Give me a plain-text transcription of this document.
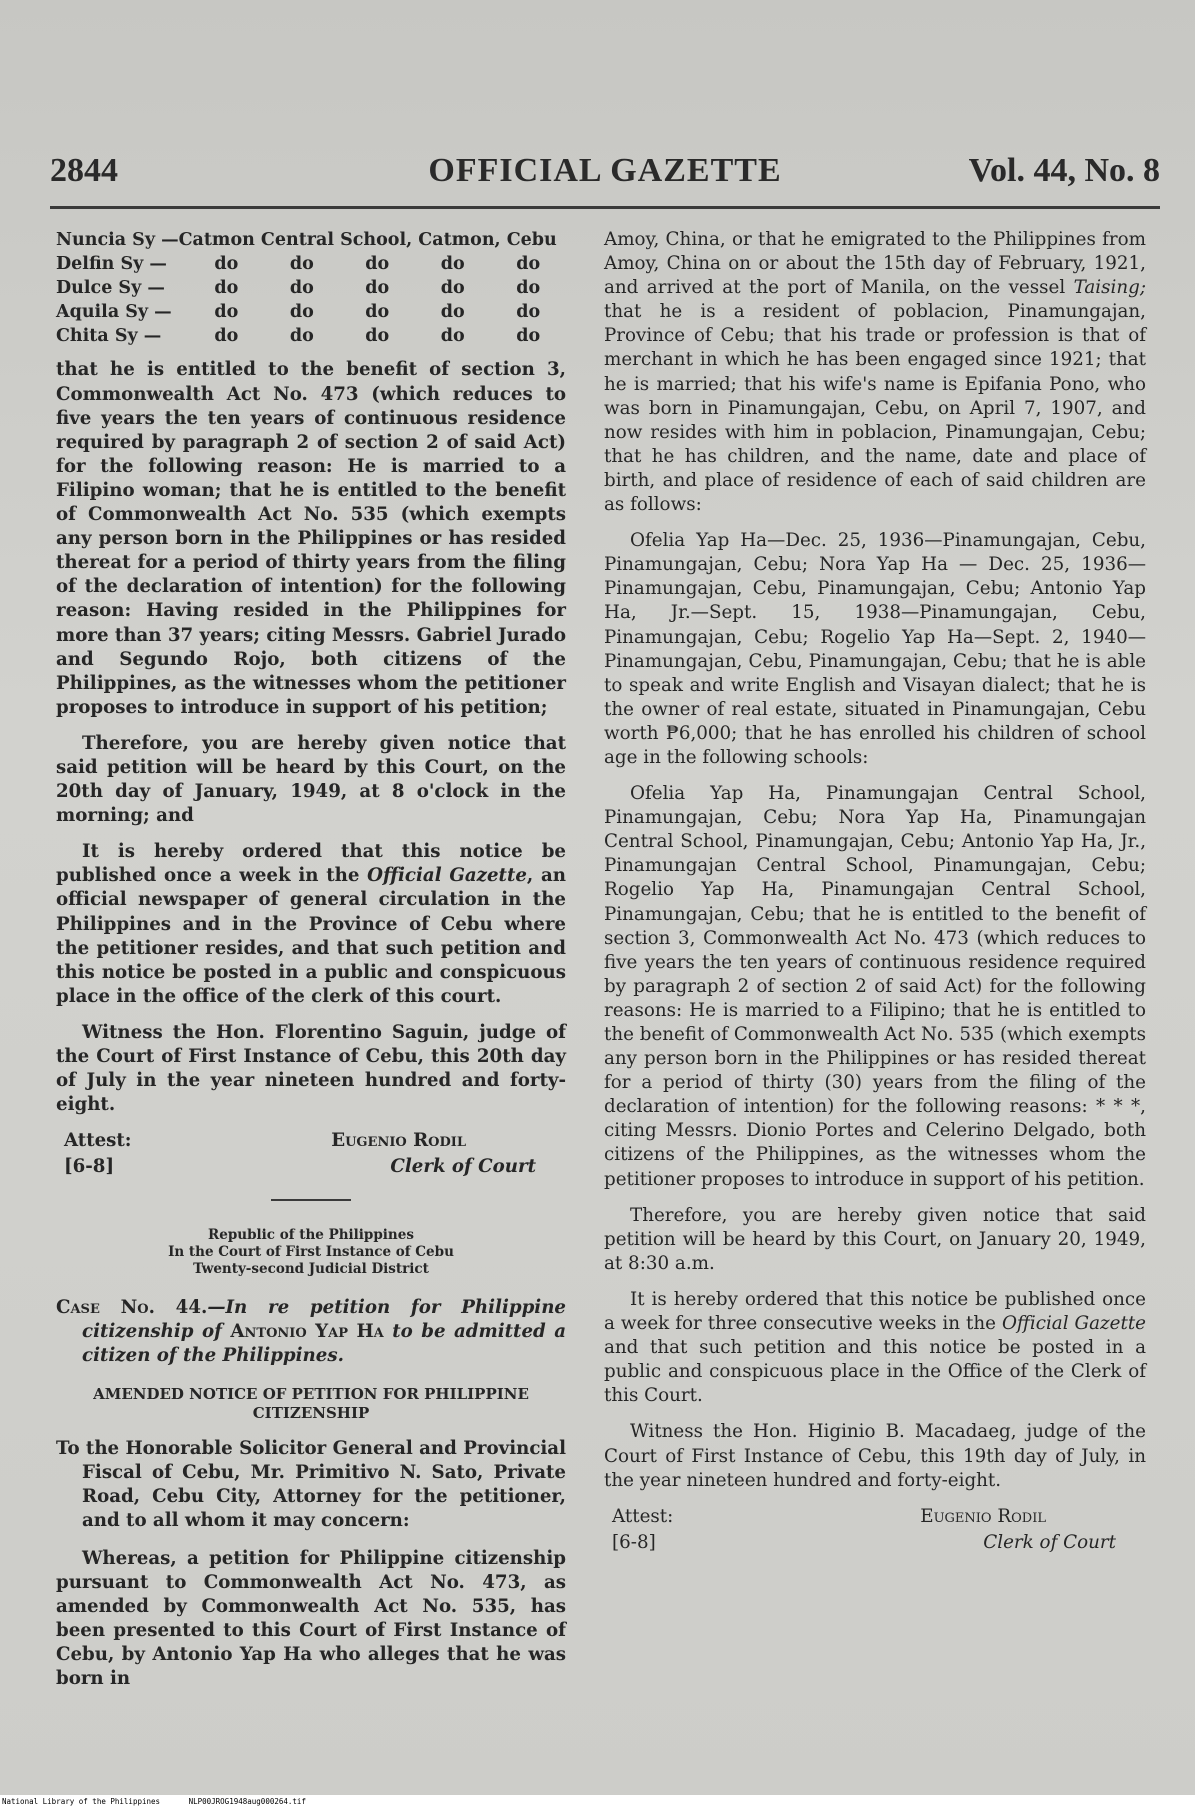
OFFICIAL GAZETTE
2844	Vol. 44, No. 8
Nuncia Sy —Catmon Central School, Catmon, Cebu					
Delfin Sy —	do	do	do	do	do
Dulce Sy —	do	do	do	do	do
Aquila Sy —	do	do	do	do	do
Chita Sy —	do	do	do	do	do

that he is entitled to the benefit of section 3, Commonwealth Act No. 473 (which reduces to five years the ten years of continuous residence required by paragraph 2 of section 2 of said Act) for the following reason: He is married to a Filipino woman; that he is entitled to the benefit of Commonwealth Act No. 535 (which exempts any person born in the Philippines or has resided thereat for a period of thirty years from the filing of the declaration of intention) for the following reason: Having resided in the Philippines for more than 37 years; citing Messrs. Gabriel Jurado and Segundo Rojo, both citizens of the Philippines, as the witnesses whom the petitioner proposes to introduce in support of his petition;

Therefore, you are hereby given notice that said petition will be heard by this Court, on the 20th day of January, 1949, at 8 o'clock in the morning; and

It is hereby ordered that this notice be published once a week in the Official Gazette, an official newspaper of general circulation in the Philippines and in the Province of Cebu where the petitioner resides, and that such petition and this notice be posted in a public and conspicuous place in the office of the clerk of this court.

Witness the Hon. Florentino Saguin, judge of the Court of First Instance of Cebu, this 20th day of July in the year nineteen hundred and forty-eight.

Attest:
[6-8]
Eugenio Rodil
Clerk of Court
Republic of the Philippines
In the Court of First Instance of Cebu
Twenty-second Judicial District

Case No. 44.—In re petition for Philippine citizenship of Antonio Yap Ha to be admitted a citizen of the Philippines.

AMENDED NOTICE OF PETITION FOR PHILIPPINE CITIZENSHIP

To the Honorable Solicitor General and Provincial Fiscal of Cebu, Mr. Primitivo N. Sato, Private Road, Cebu City, Attorney for the petitioner, and to all whom it may concern:

Whereas, a petition for Philippine citizenship pursuant to Commonwealth Act No. 473, as amended by Commonwealth Act No. 535, has been presented to this Court of First Instance of Cebu, by Antonio Yap Ha who alleges that he was born in

Amoy, China, or that he emigrated to the Philippines from Amoy, China on or about the 15th day of February, 1921, and arrived at the port of Manila, on the vessel Taising; that he is a resident of poblacion, Pinamungajan, Province of Cebu; that his trade or profession is that of merchant in which he has been engaged since 1921; that he is married; that his wife's name is Epifania Pono, who was born in Pinamungajan, Cebu, on April 7, 1907, and now resides with him in poblacion, Pinamungajan, Cebu; that he has children, and the name, date and place of birth, and place of residence of each of said children are as follows:

Ofelia Yap Ha—Dec. 25, 1936—Pinamungajan, Cebu, Pinamungajan, Cebu; Nora Yap Ha — Dec. 25, 1936—Pinamungajan, Cebu, Pinamungajan, Cebu; Antonio Yap Ha, Jr.—Sept. 15, 1938—Pinamungajan, Cebu, Pinamungajan, Cebu; Rogelio Yap Ha—Sept. 2, 1940—Pinamungajan, Cebu, Pinamungajan, Cebu; that he is able to speak and write English and Visayan dialect; that he is the owner of real estate, situated in Pinamungajan, Cebu worth ₱6,000; that he has enrolled his children of school age in the following schools:

Ofelia Yap Ha, Pinamungajan Central School, Pinamungajan, Cebu; Nora Yap Ha, Pinamungajan Central School, Pinamungajan, Cebu; Antonio Yap Ha, Jr., Pinamungajan Central School, Pinamungajan, Cebu; Rogelio Yap Ha, Pinamungajan Central School, Pinamungajan, Cebu; that he is entitled to the benefit of section 3, Commonwealth Act No. 473 (which reduces to five years the ten years of continuous residence required by paragraph 2 of section 2 of said Act) for the following reasons: He is married to a Filipino; that he is entitled to the benefit of Commonwealth Act No. 535 (which exempts any person born in the Philippines or has resided thereat for a period of thirty (30) years from the filing of the declaration of intention) for the following reasons: * * *, citing Messrs. Dionio Portes and Celerino Delgado, both citizens of the Philippines, as the witnesses whom the petitioner proposes to introduce in support of his petition.

Therefore, you are hereby given notice that said petition will be heard by this Court, on January 20, 1949, at 8:30 a.m.

It is hereby ordered that this notice be published once a week for three consecutive weeks in the Official Gazette and that such petition and this notice be posted in a public and conspicuous place in the Office of the Clerk of this Court.

Witness the Hon. Higinio B. Macadaeg, judge of the Court of First Instance of Cebu, this 19th day of July, in the year nineteen hundred and forty-eight.

Attest:
[6-8]
Eugenio Rodil
Clerk of Court
National Library of the Philippines	NLP00JROG1948aug000264.tif
